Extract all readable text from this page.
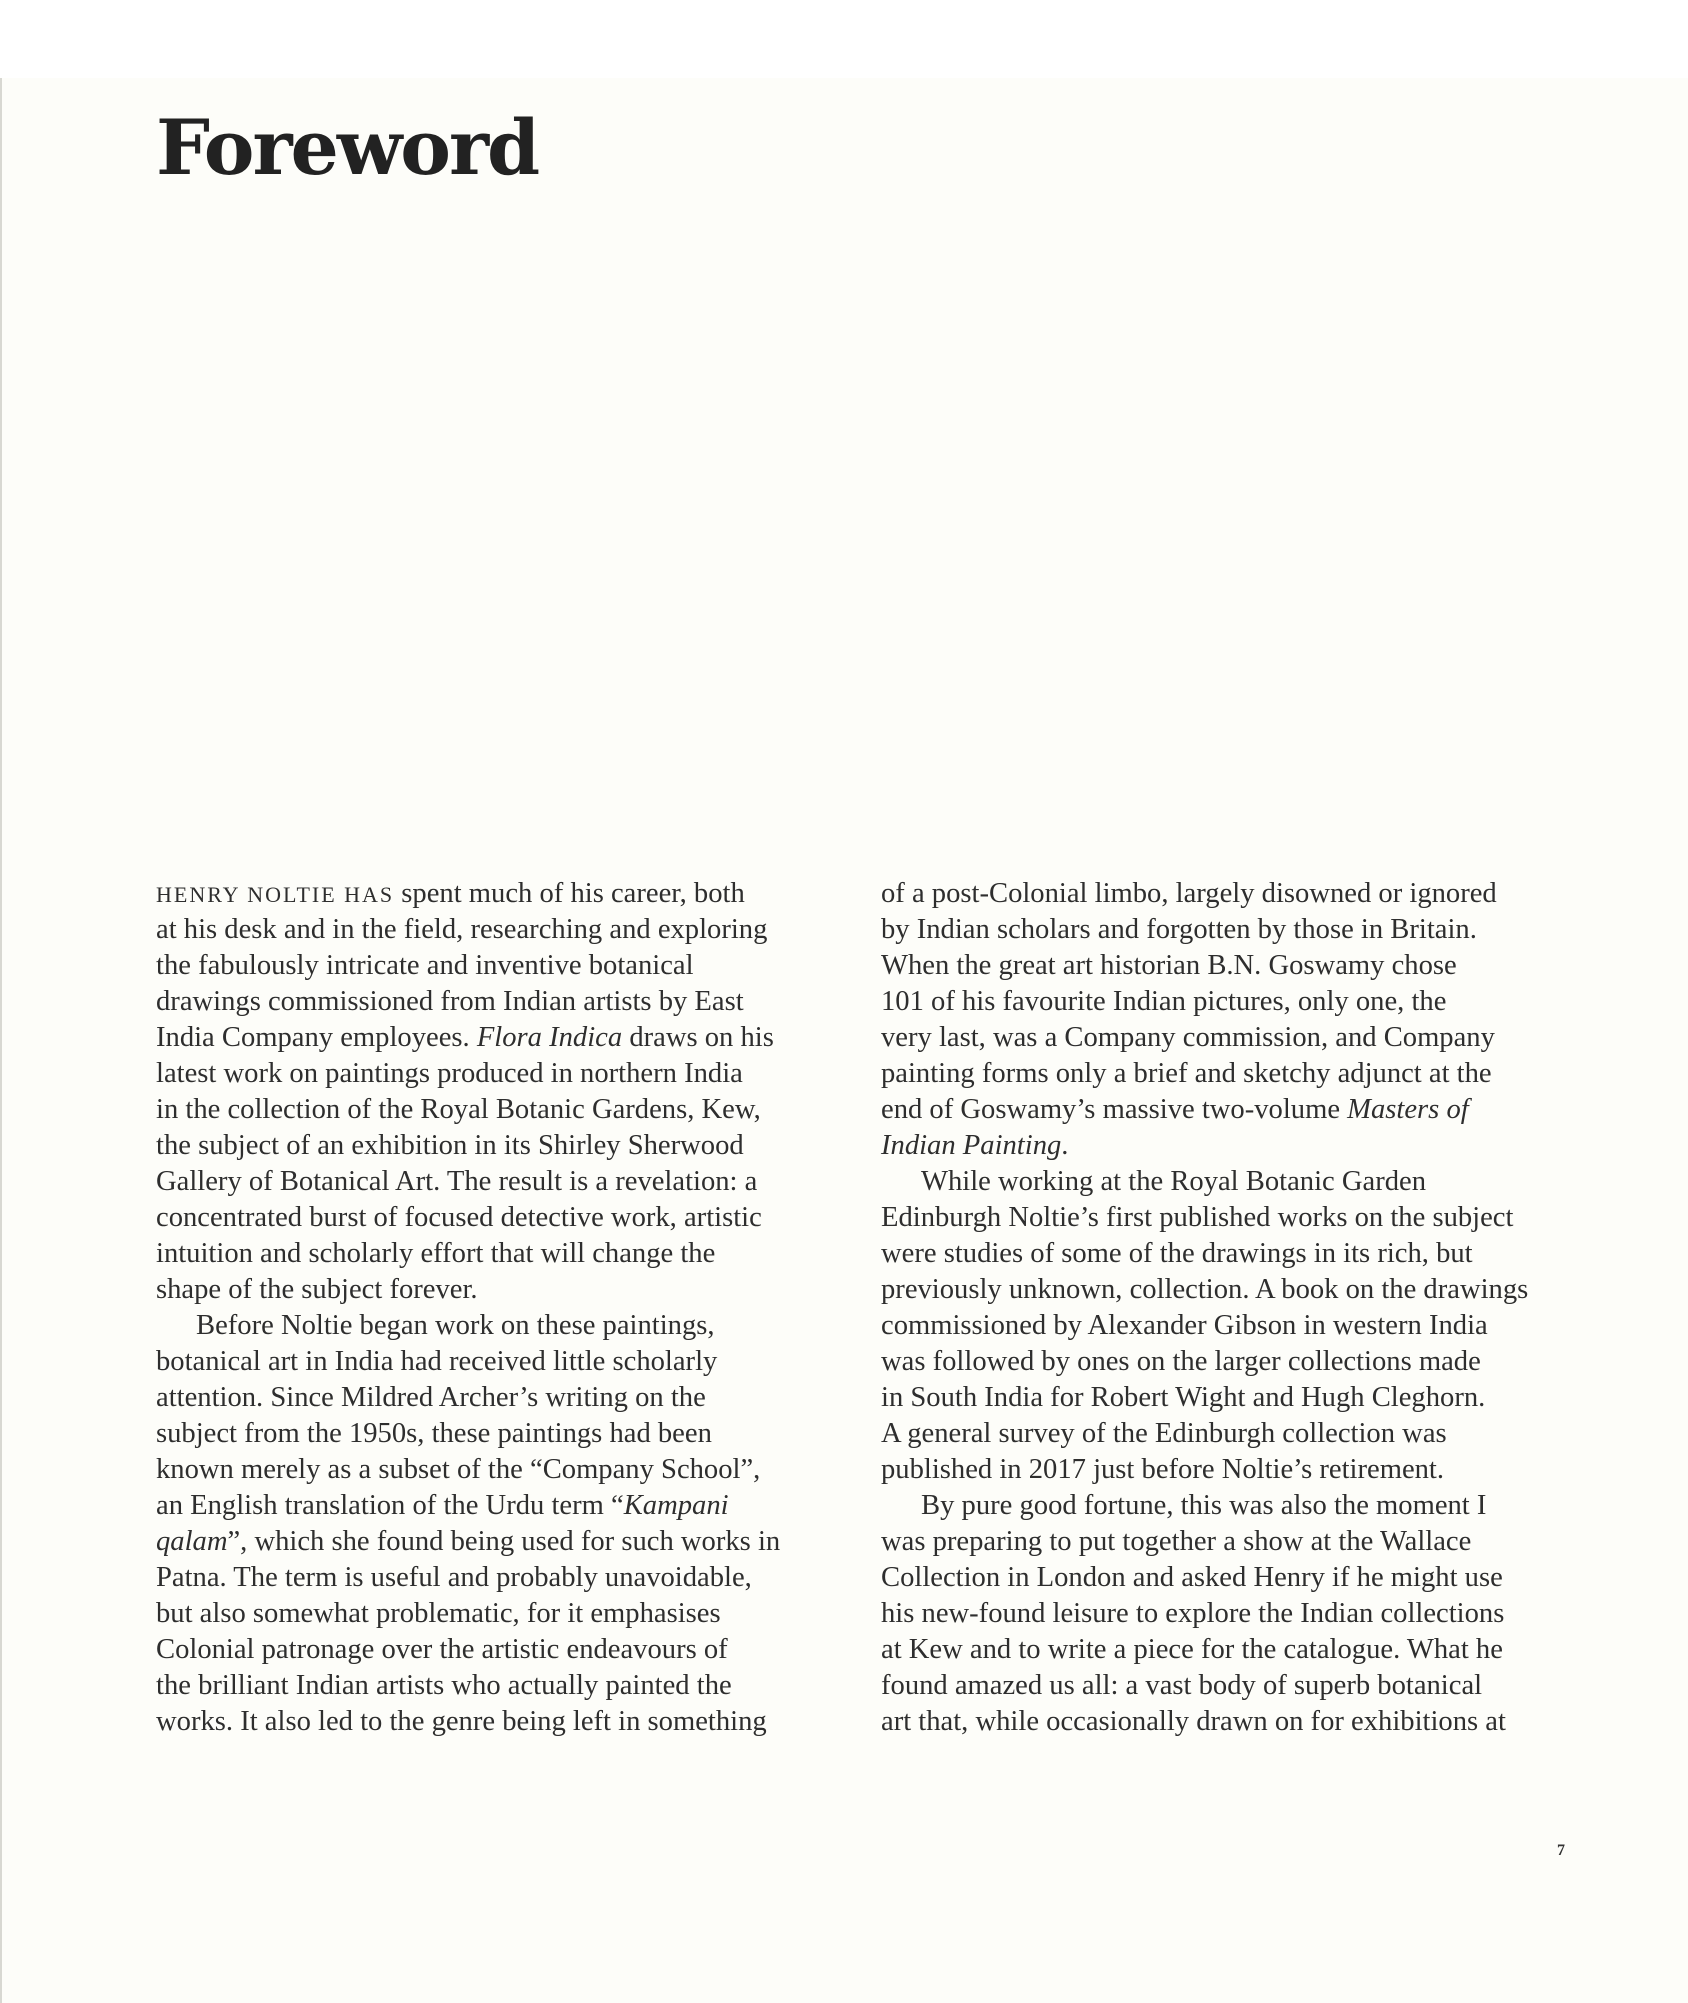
Foreword
HENRY NOLTIE HAS spent much of his career, both
at his desk and in the field, researching and exploring
the fabulously intricate and inventive botanical
drawings commissioned from Indian artists by East
India Company employees. Flora Indica draws on his
latest work on paintings produced in northern India
in the collection of the Royal Botanic Gardens, Kew,
the subject of an exhibition in its Shirley Sherwood
Gallery of Botanical Art. The result is a revelation: a
concentrated burst of focused detective work, artistic
intuition and scholarly effort that will change the
shape of the subject forever.
Before Noltie began work on these paintings,
botanical art in India had received little scholarly
attention. Since Mildred Archer’s writing on the
subject from the 1950s, these paintings had been
known merely as a subset of the “Company School”,
an English translation of the Urdu term “Kampani
qalam”, which she found being used for such works in
Patna. The term is useful and probably unavoidable,
but also somewhat problematic, for it emphasises
Colonial patronage over the artistic endeavours of
the brilliant Indian artists who actually painted the
works. It also led to the genre being left in something
of a post-Colonial limbo, largely disowned or ignored
by Indian scholars and forgotten by those in Britain.
When the great art historian B.N. Goswamy chose
101 of his favourite Indian pictures, only one, the
very last, was a Company commission, and Company
painting forms only a brief and sketchy adjunct at the
end of Goswamy’s massive two-volume Masters of
Indian Painting.
While working at the Royal Botanic Garden
Edinburgh Noltie’s first published works on the subject
were studies of some of the drawings in its rich, but
previously unknown, collection. A book on the drawings
commissioned by Alexander Gibson in western India
was followed by ones on the larger collections made
in South India for Robert Wight and Hugh Cleghorn.
A general survey of the Edinburgh collection was
published in 2017 just before Noltie’s retirement.
By pure good fortune, this was also the moment I
was preparing to put together a show at the Wallace
Collection in London and asked Henry if he might use
his new-found leisure to explore the Indian collections
at Kew and to write a piece for the catalogue. What he
found amazed us all: a vast body of superb botanical
art that, while occasionally drawn on for exhibitions at
7
